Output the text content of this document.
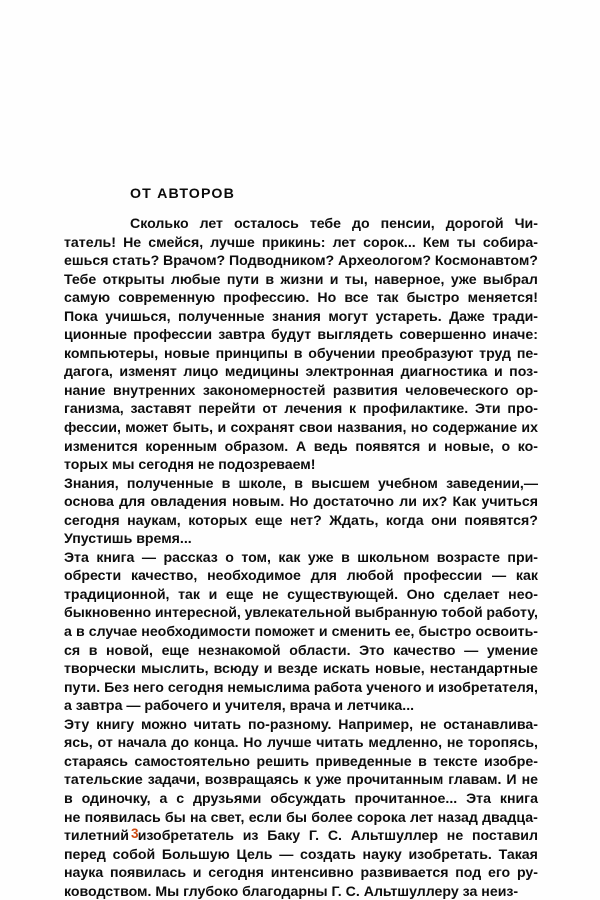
ОТ АВТОРОВ
Сколько лет осталось тебе до пенсии, дорогой Чи-
татель! Не смейся, лучше прикинь: лет сорок... Кем ты собира-
ешься стать? Врачом? Подводником? Археологом? Космонавтом?
Тебе открыты любые пути в жизни и ты, наверное, уже выбрал
самую современную профессию. Но все так быстро меняется!
Пока учишься, полученные знания могут устареть. Даже тради-
ционные профессии завтра будут выглядеть совершенно иначе:
компьютеры, новые принципы в обучении преобразуют труд пе-
дагога, изменят лицо медицины электронная диагностика и поз-
нание внутренних закономерностей развития человеческого ор-
ганизма, заставят перейти от лечения к профилактике. Эти про-
фессии, может быть, и сохранят свои названия, но содержание их
изменится коренным образом. А ведь появятся и новые, о ко-
торых мы сегодня не подозреваем!
Знания, полученные в школе, в высшем учебном заведении,—
основа для овладения новым. Но достаточно ли их? Как учиться
сегодня наукам, которых еще нет? Ждать, когда они появятся?
Упустишь время...
Эта книга — рассказ о том, как уже в школьном возрасте при-
обрести качество, необходимое для любой профессии — как
традиционной, так и еще не существующей. Оно сделает нео-
быкновенно интересной, увлекательной выбранную тобой работу,
а в случае необходимости поможет и сменить ее, быстро освоить-
ся в новой, еще незнакомой области. Это качество — умение
творчески мыслить, всюду и везде искать новые, нестандартные
пути. Без него сегодня немыслима работа ученого и изобретателя,
а завтра — рабочего и учителя, врача и летчика...
Эту книгу можно читать по-разному. Например, не останавлива-
ясь, от начала до конца. Но лучше читать медленно, не торопясь,
стараясь самостоятельно решить приведенные в тексте изобре-
тательские задачи, возвращаясь к уже прочитанным главам. И не
в одиночку, а с друзьями обсуждать прочитанное... Эта книга
не появилась бы на свет, если бы более сорока лет назад двадца-
тилетний изобретатель из Баку Г. С. Альтшуллер не поставил
перед собой Большую Цель — создать науку изобретать. Такая
наука появилась и сегодня интенсивно развивается под его ру-
ководством. Мы глубоко благодарны Г. С. Альтшуллеру за неиз-
3
